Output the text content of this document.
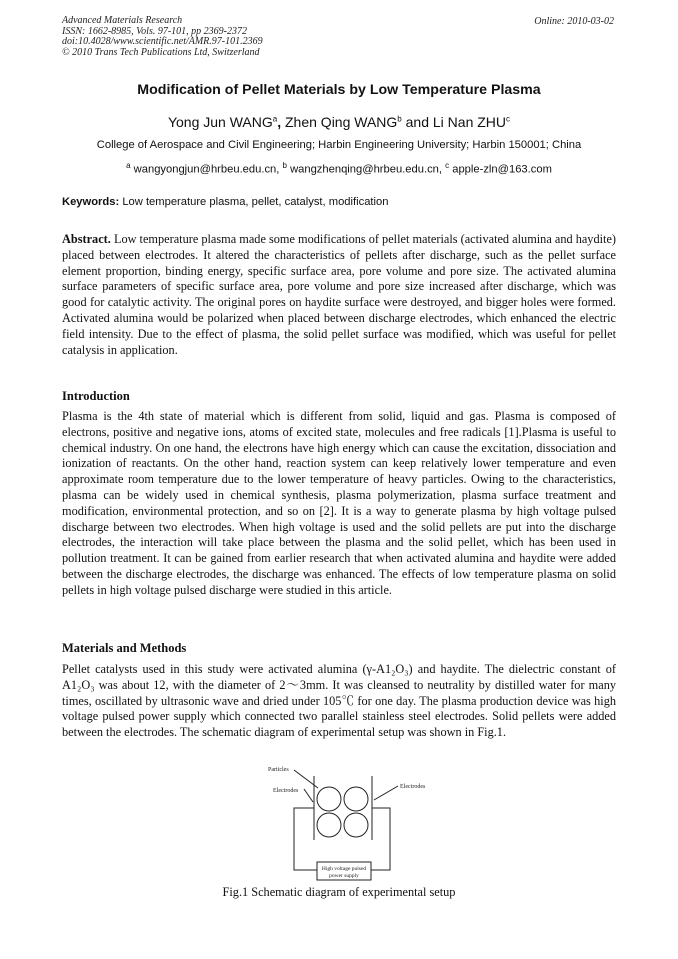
Advanced Materials Research
ISSN: 1662-8985, Vols. 97-101, pp 2369-2372
doi:10.4028/www.scientific.net/AMR.97-101.2369
© 2010 Trans Tech Publications Ltd, Switzerland
Online: 2010-03-02
Modification of Pellet Materials by Low Temperature Plasma
Yong Jun WANG$^a$, Zhen Qing WANG$^b$ and Li Nan ZHU$^c$
College of Aerospace and Civil Engineering; Harbin Engineering University; Harbin 150001; China
$^a$ wangyongjun@hrbeu.edu.cn, $^b$ wangzhenqing@hrbeu.edu.cn, $^c$ apple-zln@163.com
Keywords: Low temperature plasma, pellet, catalyst, modification

Abstract. Low temperature plasma made some modifications of pellet materials (activated alumina and haydite) placed between electrodes. It altered the characteristics of pellets after discharge, such as the pellet surface element proportion, binding energy, specific surface area, pore volume and pore size. The activated alumina surface parameters of specific surface area, pore volume and pore size increased after discharge, which was good for catalytic activity. The original pores on haydite surface were destroyed, and bigger holes were formed. Activated alumina would be polarized when placed between discharge electrodes, which enhanced the electric field intensity. Due to the effect of plasma, the solid pellet surface was modified, which was useful for pellet catalysis in application.

Introduction

Plasma is the 4th state of material which is different from solid, liquid and gas. Plasma is composed of electrons, positive and negative ions, atoms of excited state, molecules and free radicals [1].Plasma is useful to chemical industry. On one hand, the electrons have high energy which can cause the excitation, dissociation and ionization of reactants. On the other hand, reaction system can keep relatively lower temperature and even approximate room temperature due to the lower temperature of heavy particles. Owing to the characteristics, plasma can be widely used in chemical synthesis, plasma polymerization, plasma surface treatment and modification, environmental protection, and so on [2]. It is a way to generate plasma by high voltage pulsed discharge between two electrodes. When high voltage is used and the solid pellets are put into the discharge electrodes, the interaction will take place between the plasma and the solid pellet, which has been used in pollution treatment. It can be gained from earlier research that when activated alumina and haydite were added between the discharge electrodes, the discharge was enhanced. The effects of low temperature plasma on solid pellets in high voltage pulsed discharge were studied in this article.

Materials and Methods

Pellet catalysts used in this study were activated alumina (γ-A1₂O₃) and haydite. The dielectric constant of A1₂O₃ was about 12, with the diameter of 2～3mm. It was cleansed to neutrality by distilled water for many times, oscillated by ultrasonic wave and dried under 105℃ for one day. The plasma production device was high voltage pulsed power supply which connected two parallel stainless steel electrodes. Solid pellets were added between the electrodes. The schematic diagram of experimental setup was shown in Fig.1.

Particles
Electrodes
Electrodes
High voltage pulsed
power supply
Fig.1 Schematic diagram of experimental setup
